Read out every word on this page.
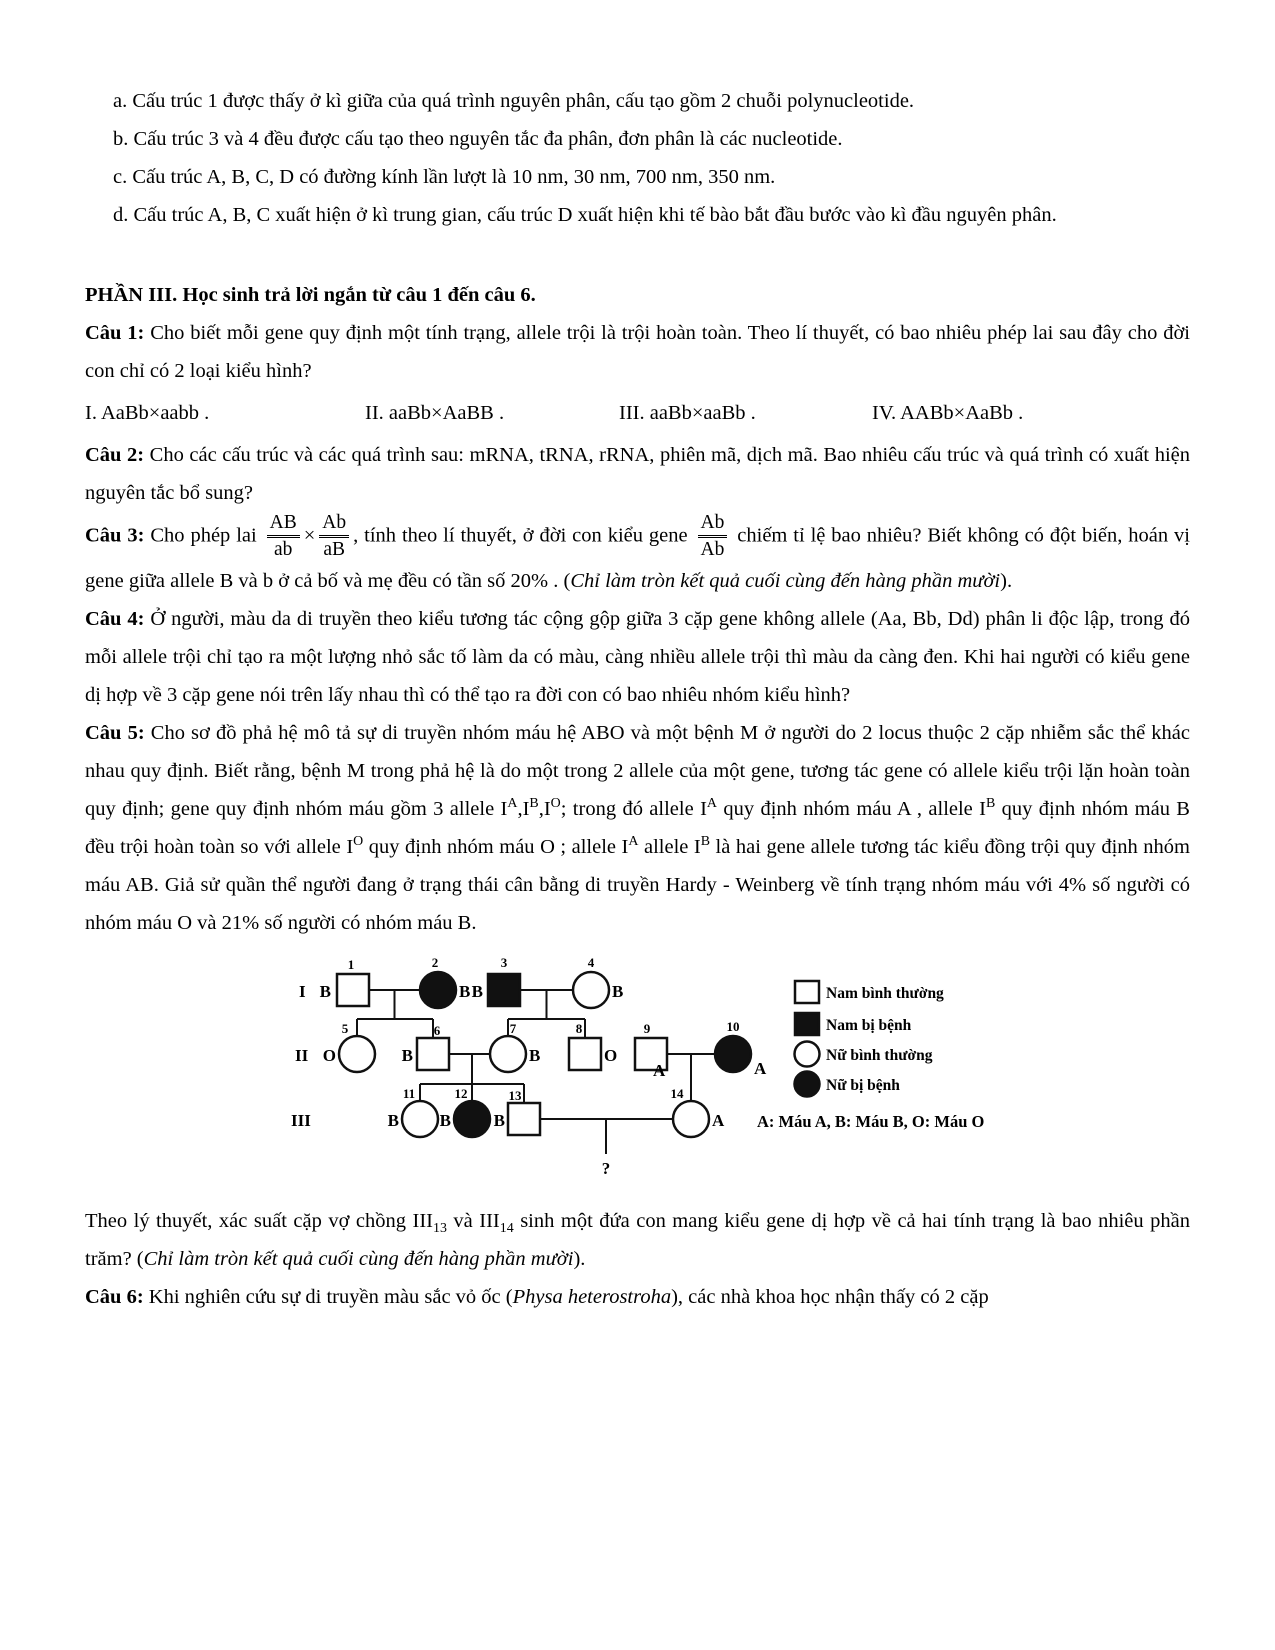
a. Cấu trúc 1 được thấy ở kì giữa của quá trình nguyên phân, cấu tạo gồm 2 chuỗi polynucleotide.

b. Cấu trúc 3 và 4 đều được cấu tạo theo nguyên tắc đa phân, đơn phân là các nucleotide.

c. Cấu trúc A, B, C, D có đường kính lần lượt là 10 nm, 30 nm, 700 nm, 350 nm.

d. Cấu trúc A, B, C xuất hiện ở kì trung gian, cấu trúc D xuất hiện khi tế bào bắt đầu bước vào kì đầu nguyên phân.

PHẦN III. Học sinh trả lời ngắn từ câu 1 đến câu 6.

Câu 1: Cho biết mỗi gene quy định một tính trạng, allele trội là trội hoàn toàn. Theo lí thuyết, có bao nhiêu phép lai sau đây cho đời con chỉ có 2 loại kiểu hình?

I. AaBb×aabb .	II. aaBb×AaBB .	III. aaBb×aaBb .	IV. AABb×AaBb .

Câu 2: Cho các cấu trúc và các quá trình sau: mRNA, tRNA, rRNA, phiên mã, dịch mã. Bao nhiêu cấu trúc và quá trình có xuất hiện nguyên tắc bổ sung?

Câu 3: Cho phép lai $\frac{AB}{ab} \times \frac{Ab}{aB}$ , tính theo lí thuyết, ở đời con kiểu gene $\frac{Ab}{Ab}$ chiếm tỉ lệ bao nhiêu? Biết không có đột biến, hoán vị gene giữa allele B và b ở cả bố và mẹ đều có tần số 20% . (Chỉ làm tròn kết quả cuối cùng đến hàng phần mười).

Câu 4: Ở người, màu da di truyền theo kiểu tương tác cộng gộp giữa 3 cặp gene không allele (Aa, Bb, Dd) phân li độc lập, trong đó mỗi allele trội chỉ tạo ra một lượng nhỏ sắc tố làm da có màu, càng nhiều allele trội thì màu da càng đen. Khi hai người có kiểu gene dị hợp về 3 cặp gene nói trên lấy nhau thì có thể tạo ra đời con có bao nhiêu nhóm kiểu hình?

Câu 5: Cho sơ đồ phả hệ mô tả sự di truyền nhóm máu hệ ABO và một bệnh M ở người do 2 locus thuộc 2 cặp nhiễm sắc thể khác nhau quy định. Biết rằng, bệnh M trong phả hệ là do một trong 2 allele của một gene, tương tác gene có allele kiểu trội lặn hoàn toàn quy định; gene quy định nhóm máu gồm 3 allele $I^A,I^B,I^O$; trong đó allele $I^A$ quy định nhóm máu A , allele $I^B$ quy định nhóm máu B đều trội hoàn toàn so với allele $I^O$ quy định nhóm máu O ; allele $I^A$ allele $I^B$ là hai gene allele tương tác kiểu đồng trội quy định nhóm máu AB. Giả sử quần thể người đang ở trạng thái cân bằng di truyền Hardy - Weinberg về tính trạng nhóm máu với 4% số người có nhóm máu O và 21% số người có nhóm máu B.

I
II
III
1	2	3	4
5	6	7	8	9	10
11	12	13	14
B	B B	B
O	B	B	O
A	A
B B	B	A
?
Nam bình thường
Nam bị bệnh
Nữ bình thường
Nữ bị bệnh
A: Máu A, B: Máu B, O: Máu O

Theo lý thuyết, xác suất cặp vợ chồng $III_{13}$ và $III_{14}$ sinh một đứa con mang kiểu gene dị hợp về cả hai tính trạng là bao nhiêu phần trăm? (Chỉ làm tròn kết quả cuối cùng đến hàng phần mười).

Câu 6: Khi nghiên cứu sự di truyền màu sắc vỏ ốc (Physa heterostroha), các nhà khoa học nhận thấy có 2 cặp
